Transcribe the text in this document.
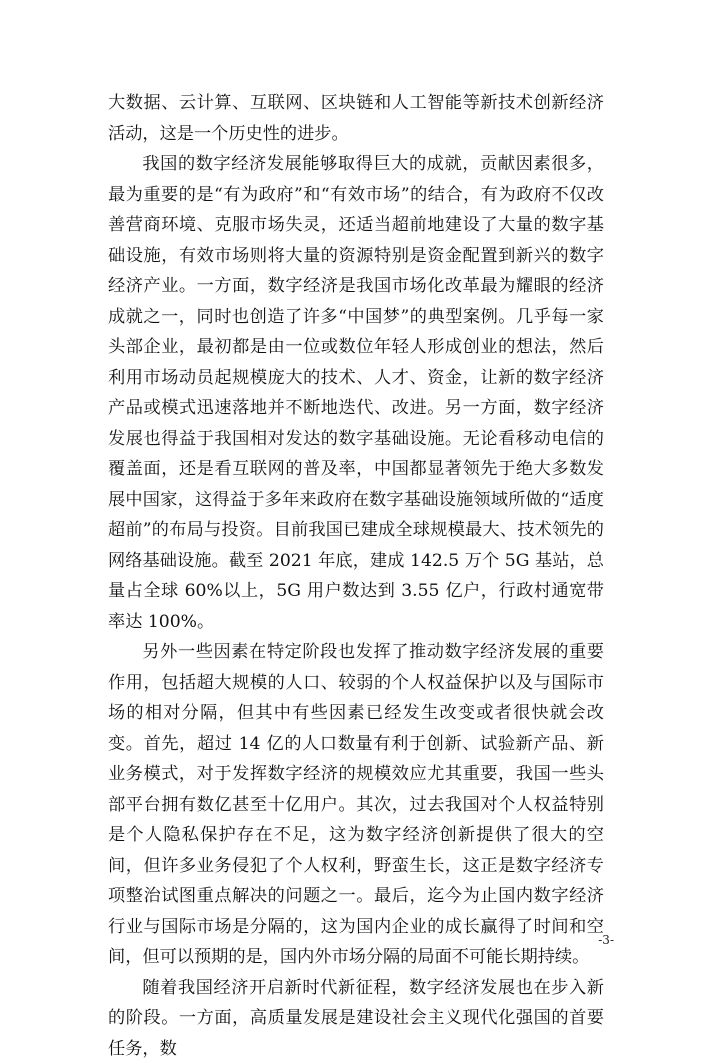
大数据、云计算、互联网、区块链和人工智能等新技术创新经济活动，这是一个历史性的进步。

我国的数字经济发展能够取得巨大的成就，贡献因素很多，最为重要的是“有为政府”和“有效市场”的结合，有为政府不仅改善营商环境、克服市场失灵，还适当超前地建设了大量的数字基础设施，有效市场则将大量的资源特别是资金配置到新兴的数字经济产业。一方面，数字经济是我国市场化改革最为耀眼的经济成就之一，同时也创造了许多“中国梦”的典型案例。几乎每一家头部企业，最初都是由一位或数位年轻人形成创业的想法，然后利用市场动员起规模庞大的技术、人才、资金，让新的数字经济产品或模式迅速落地并不断地迭代、改进。另一方面，数字经济发展也得益于我国相对发达的数字基础设施。无论看移动电信的覆盖面，还是看互联网的普及率，中国都显著领先于绝大多数发展中国家，这得益于多年来政府在数字基础设施领域所做的“适度超前”的布局与投资。目前我国已建成全球规模最大、技术领先的网络基础设施。截至 2021 年底，建成 142.5 万个 5G 基站，总量占全球 60%以上，5G 用户数达到 3.55 亿户，行政村通宽带率达 100%。

另外一些因素在特定阶段也发挥了推动数字经济发展的重要作用，包括超大规模的人口、较弱的个人权益保护以及与国际市场的相对分隔，但其中有些因素已经发生改变或者很快就会改变。首先，超过 14 亿的人口数量有利于创新、试验新产品、新业务模式，对于发挥数字经济的规模效应尤其重要，我国一些头部平台拥有数亿甚至十亿用户。其次，过去我国对个人权益特别是个人隐私保护存在不足，这为数字经济创新提供了很大的空间，但许多业务侵犯了个人权利，野蛮生长，这正是数字经济专项整治试图重点解决的问题之一。最后，迄今为止国内数字经济行业与国际市场是分隔的，这为国内企业的成长赢得了时间和空间，但可以预期的是，国内外市场分隔的局面不可能长期持续。

随着我国经济开启新时代新征程，数字经济发展也在步入新的阶段。一方面，高质量发展是建设社会主义现代化强国的首要任务，数

-3-
